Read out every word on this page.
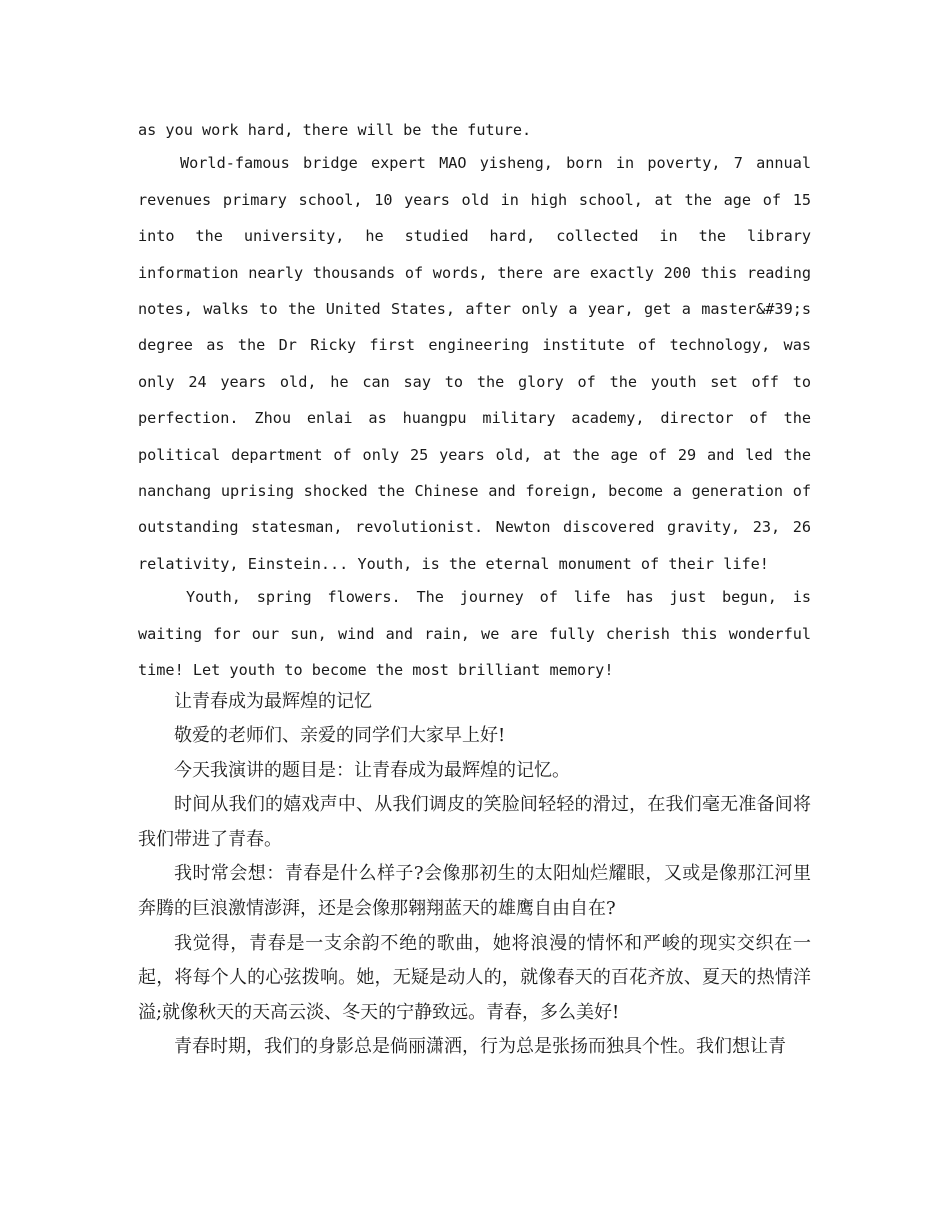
as you work hard, there will be the future.

World-famous bridge expert MAO yisheng, born in poverty, 7 annual revenues primary school, 10 years old in high school, at the age of 15 into the university, he studied hard, collected in the library information nearly thousands of words, there are exactly 200 this reading notes, walks to the United States, after only a year, get a master&#39;s degree as the Dr Ricky first engineering institute of technology, was only 24 years old, he can say to the glory of the youth set off to perfection. Zhou enlai as huangpu military academy, director of the political department of only 25 years old, at the age of 29 and led the nanchang uprising shocked the Chinese and foreign, become a generation of outstanding statesman, revolutionist. Newton discovered gravity, 23, 26 relativity, Einstein... Youth, is the eternal monument of their life!

Youth, spring flowers. The journey of life has just begun, is waiting for our sun, wind and rain, we are fully cherish this wonderful time! Let youth to become the most brilliant memory!

让青春成为最辉煌的记忆

敬爱的老师们、亲爱的同学们大家早上好!

今天我演讲的题目是：让青春成为最辉煌的记忆。

时间从我们的嬉戏声中、从我们调皮的笑脸间轻轻的滑过，在我们毫无准备间将我们带进了青春。

我时常会想：青春是什么样子?会像那初生的太阳灿烂耀眼，又或是像那江河里奔腾的巨浪激情澎湃，还是会像那翱翔蓝天的雄鹰自由自在?

我觉得，青春是一支余韵不绝的歌曲，她将浪漫的情怀和严峻的现实交织在一起，将每个人的心弦拨响。她，无疑是动人的，就像春天的百花齐放、夏天的热情洋溢;就像秋天的天高云淡、冬天的宁静致远。青春，多么美好!

青春时期，我们的身影总是倘丽潇洒，行为总是张扬而独具个性。我们想让青
